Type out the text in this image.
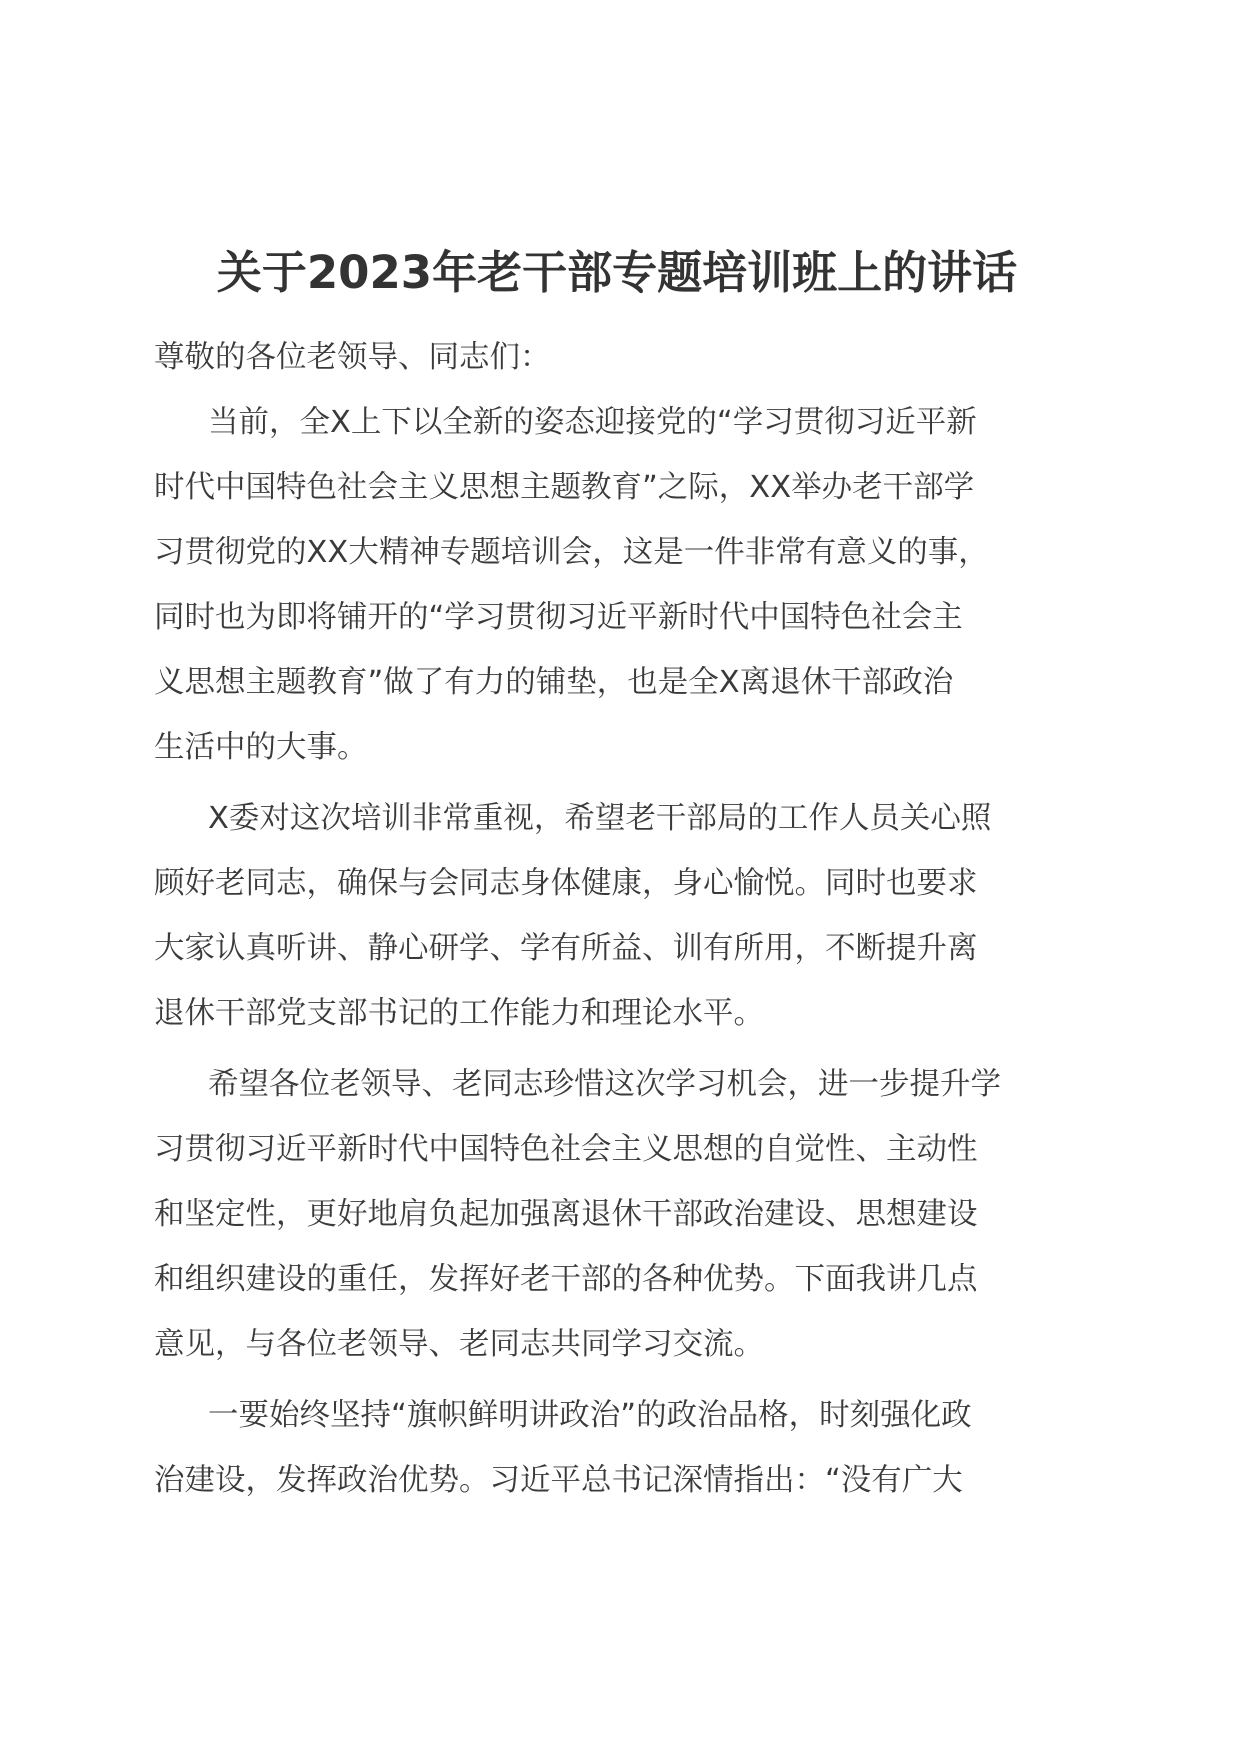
关于2023年老干部专题培训班上的讲话

尊敬的各位老领导、同志们：

当前，全X上下以全新的姿态迎接党的“学习贯彻习近平新
时代中国特色社会主义思想主题教育”之际，XX举办老干部学
习贯彻党的XX大精神专题培训会，这是一件非常有意义的事，
同时也为即将铺开的“学习贯彻习近平新时代中国特色社会主
义思想主题教育”做了有力的铺垫，也是全X离退休干部政治
生活中的大事。

X委对这次培训非常重视，希望老干部局的工作人员关心照
顾好老同志，确保与会同志身体健康，身心愉悦。同时也要求
大家认真听讲、静心研学、学有所益、训有所用，不断提升离
退休干部党支部书记的工作能力和理论水平。

希望各位老领导、老同志珍惜这次学习机会，进一步提升学
习贯彻习近平新时代中国特色社会主义思想的自觉性、主动性
和坚定性，更好地肩负起加强离退休干部政治建设、思想建设
和组织建设的重任，发挥好老干部的各种优势。下面我讲几点
意见，与各位老领导、老同志共同学习交流。

一要始终坚持“旗帜鲜明讲政治”的政治品格，时刻强化政
治建设，发挥政治优势。习近平总书记深情指出：“没有广大
